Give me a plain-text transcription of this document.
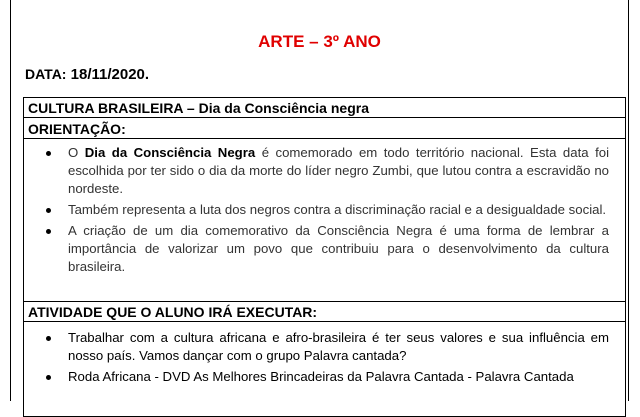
ARTE – 3º ANO
DATA: 18/11/2020.
CULTURA BRASILEIRA – Dia da Consciência negra
ORIENTAÇÃO:
O Dia da Consciência Negra é comemorado em todo território nacional. Esta data foi escolhida por ter sido o dia da morte do líder negro Zumbi, que lutou contra a escravidão no nordeste.
Também representa a luta dos negros contra a discriminação racial e a desigualdade social.
A criação de um dia comemorativo da Consciência Negra é uma forma de lembrar a importância de valorizar um povo que contribuiu para o desenvolvimento da cultura brasileira.
ATIVIDADE QUE O ALUNO IRÁ EXECUTAR:
Trabalhar com a cultura africana e afro-brasileira é ter seus valores e sua influência em nosso país. Vamos dançar com o grupo Palavra cantada?
Roda Africana - DVD As Melhores Brincadeiras da Palavra Cantada - Palavra Cantada
